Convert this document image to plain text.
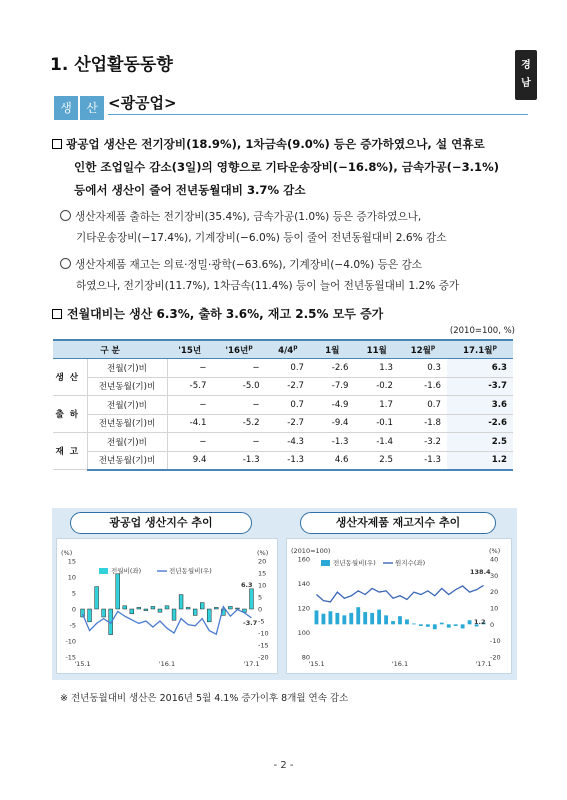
1. 산업활동동향	경
남
생	산 <광공업>
광공업 생산은 전기장비(18.9%), 1차금속(9.0%) 등은 증가하였으나, 설 연휴로
인한 조업일수 감소(3일)의 영향으로 기타운송장비(−16.8%), 금속가공(−3.1%)
등에서 생산이 줄어 전년동월대비 3.7% 감소
생산자제품 출하는 전기장비(35.4%), 금속가공(1.0%) 등은 증가하였으나,
기타운송장비(−17.4%), 기계장비(−6.0%) 등이 줄어 전년동월대비 2.6% 감소
생산자제품 재고는 의료·정밀·광학(−63.6%), 기계장비(−4.0%) 등은 감소
하였으나, 전기장비(11.7%), 1차금속(11.4%) 등이 늘어 전년동월대비 1.2% 증가
전월대비는 생산 6.3%, 출하 3.6%, 재고 2.5% 모두 증가
(2010=100, %)
구 분		'15년	'16년$^p$	4/4$^p$	1월	11월	12월$^p$	17.1월$^p$
생산	전월(기)비	−	−	0.7	-2.6	1.3	0.3	6.3
	전년동월(기)비	-5.7	-5.0	-2.7	-7.9	-0.2	-1.6	-3.7
출하	전월(기)비	−	−	0.7	-4.9	1.7	0.7	3.6
	전년동월(기)비	-4.1	-5.2	-2.7	-9.4	-0.1	-1.8	-2.6
재고	전월(기)비	−	−	-4.3	-1.3	-1.4	-3.2	2.5
	전년동월(기)비	9.4	-1.3	-1.3	4.6	2.5	-1.3	1.2
광공업 생산지수 추이	생산자제품 재고지수 추이
(%)	(%)
15
10
5
0
-5
-10
-15
20
15
10
5
0
-5
-10
-15
-20
'15.1	'16.1	'17.1
전월비(좌)	전년동월비(우)
6.3
-3.7
(2010=100)	(%)
160
140
120
100
80
40
30
20
10
0
-10
-20
'15.1	'16.1	'17.1
전년동월비(우)	원지수(좌)
138.4
1.2
※ 전년동월대비 생산은 2016년 5월 4.1% 증가이후 8개월 연속 감소
- 2 -
